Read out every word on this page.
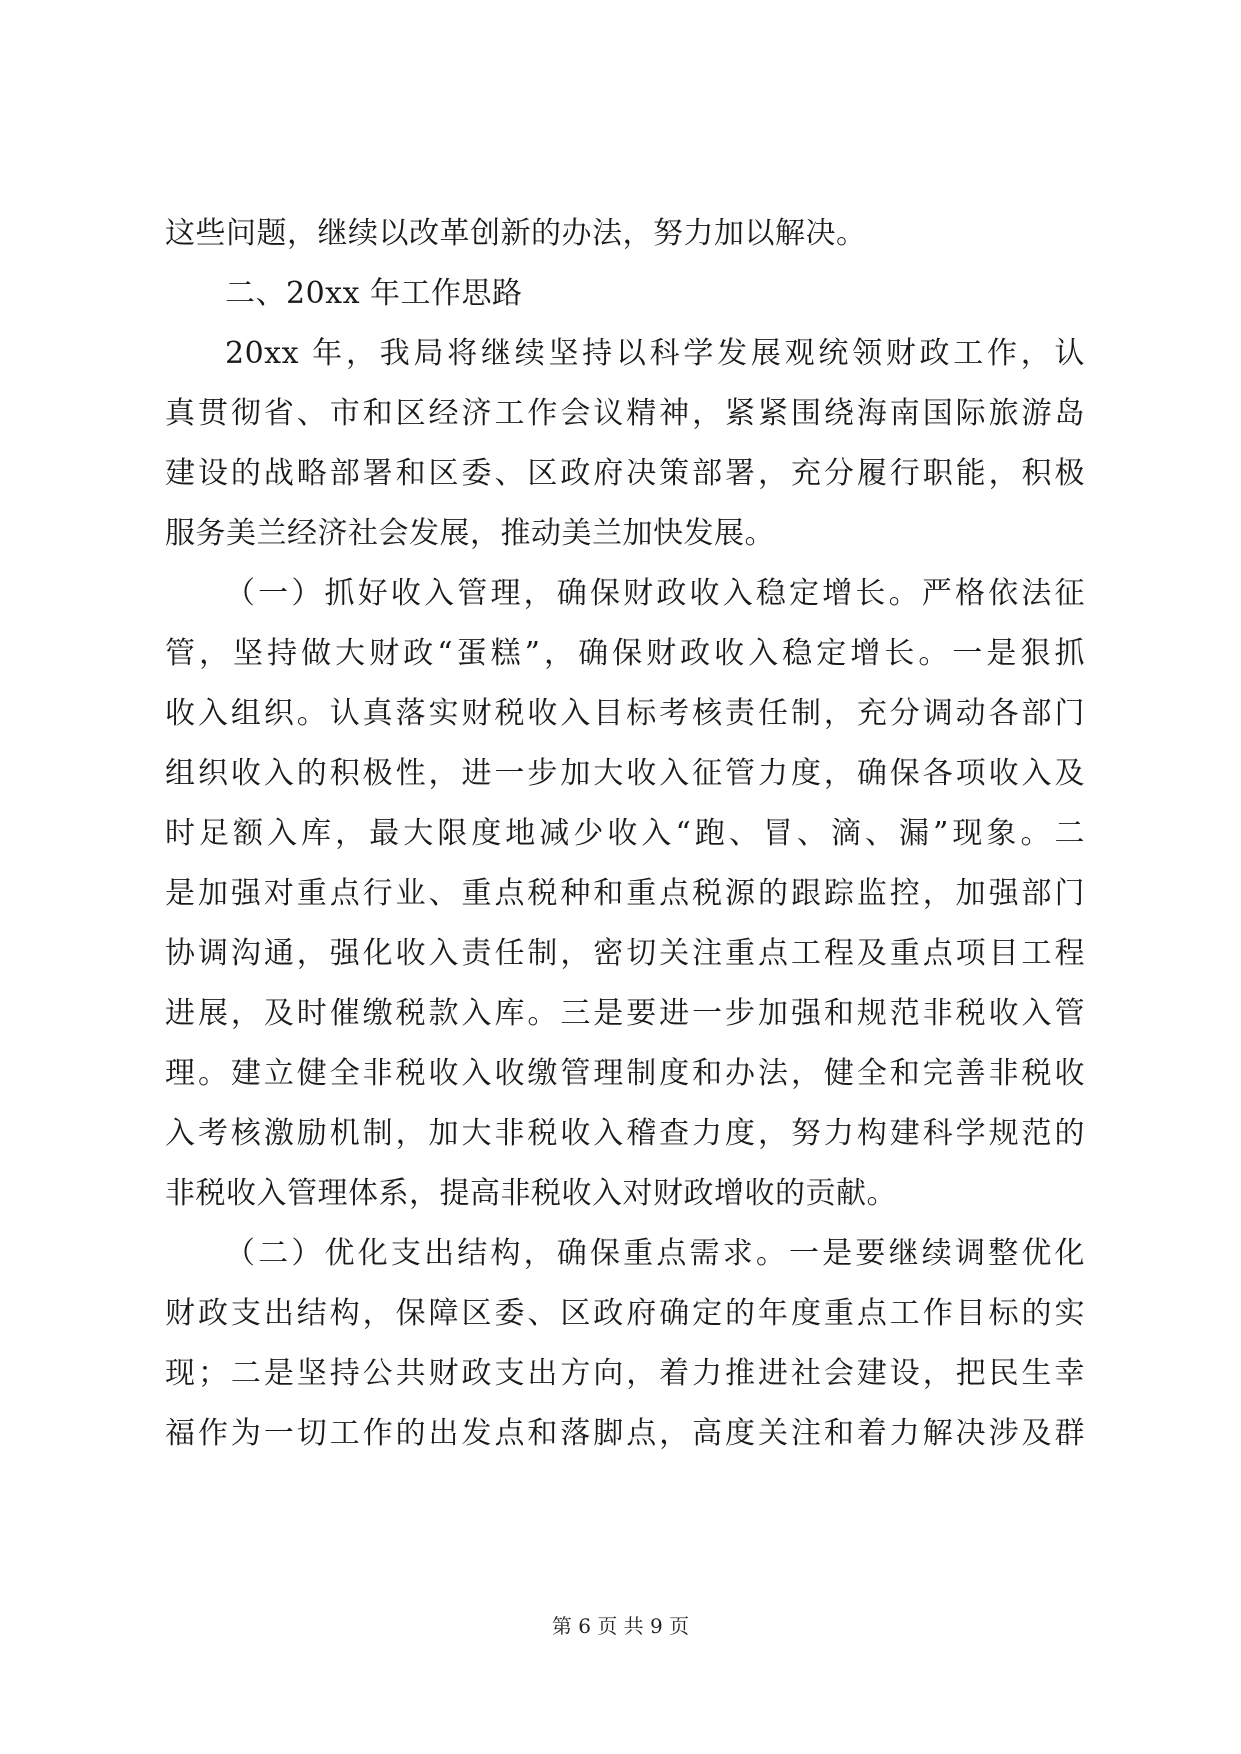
这些问题，继续以改革创新的办法，努力加以解决。
二、20xx 年工作思路
20xx 年，我局将继续坚持以科学发展观统领财政工作，认
真贯彻省、市和区经济工作会议精神，紧紧围绕海南国际旅游岛
建设的战略部署和区委、区政府决策部署，充分履行职能，积极
服务美兰经济社会发展，推动美兰加快发展。
（一）抓好收入管理，确保财政收入稳定增长。严格依法征
管，坚持做大财政“蛋糕”，确保财政收入稳定增长。一是狠抓
收入组织。认真落实财税收入目标考核责任制，充分调动各部门
组织收入的积极性，进一步加大收入征管力度，确保各项收入及
时足额入库，最大限度地减少收入“跑、冒、滴、漏”现象。二
是加强对重点行业、重点税种和重点税源的跟踪监控，加强部门
协调沟通，强化收入责任制，密切关注重点工程及重点项目工程
进展，及时催缴税款入库。三是要进一步加强和规范非税收入管
理。建立健全非税收入收缴管理制度和办法，健全和完善非税收
入考核激励机制，加大非税收入稽查力度，努力构建科学规范的
非税收入管理体系，提高非税收入对财政增收的贡献。
（二）优化支出结构，确保重点需求。一是要继续调整优化
财政支出结构，保障区委、区政府确定的年度重点工作目标的实
现；二是坚持公共财政支出方向，着力推进社会建设，把民生幸
福作为一切工作的出发点和落脚点，高度关注和着力解决涉及群
第 6 页 共 9 页
